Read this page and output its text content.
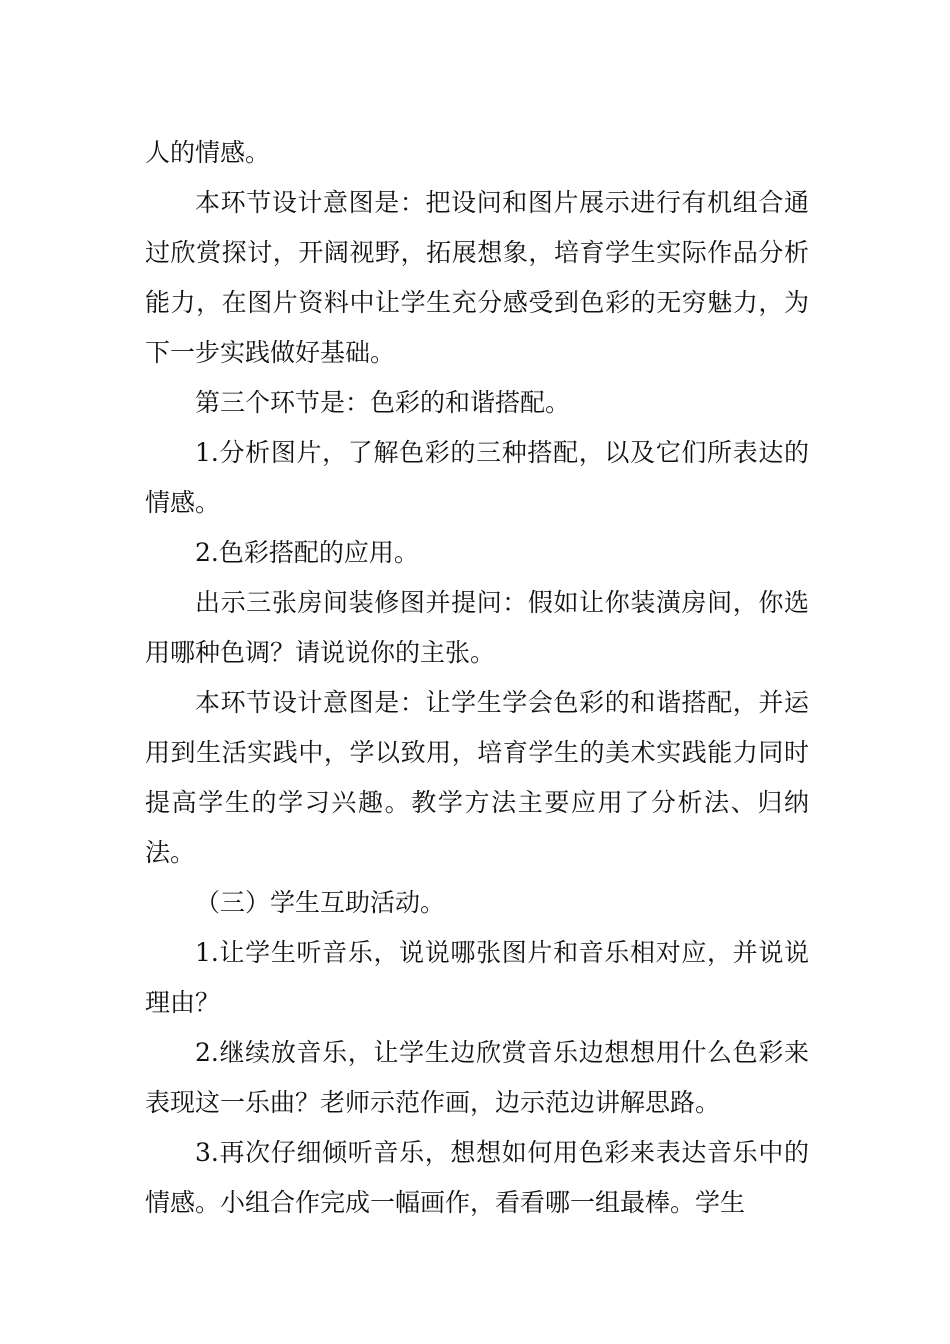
人的情感。

本环节设计意图是：把设问和图片展示进行有机组合通过欣赏探讨，开阔视野，拓展想象，培育学生实际作品分析能力，在图片资料中让学生充分感受到色彩的无穷魅力，为下一步实践做好基础。

第三个环节是：色彩的和谐搭配。

1.分析图片，了解色彩的三种搭配，以及它们所表达的情感。

2.色彩搭配的应用。

出示三张房间装修图并提问：假如让你装潢房间，你选用哪种色调？请说说你的主张。

本环节设计意图是：让学生学会色彩的和谐搭配，并运用到生活实践中，学以致用，培育学生的美术实践能力同时提高学生的学习兴趣。教学方法主要应用了分析法、归纳法。

（三）学生互助活动。

1.让学生听音乐，说说哪张图片和音乐相对应，并说说理由？

2.继续放音乐，让学生边欣赏音乐边想想用什么色彩来表现这一乐曲？老师示范作画，边示范边讲解思路。

3.再次仔细倾听音乐，想想如何用色彩来表达音乐中的情感。小组合作完成一幅画作，看看哪一组最棒。学生
